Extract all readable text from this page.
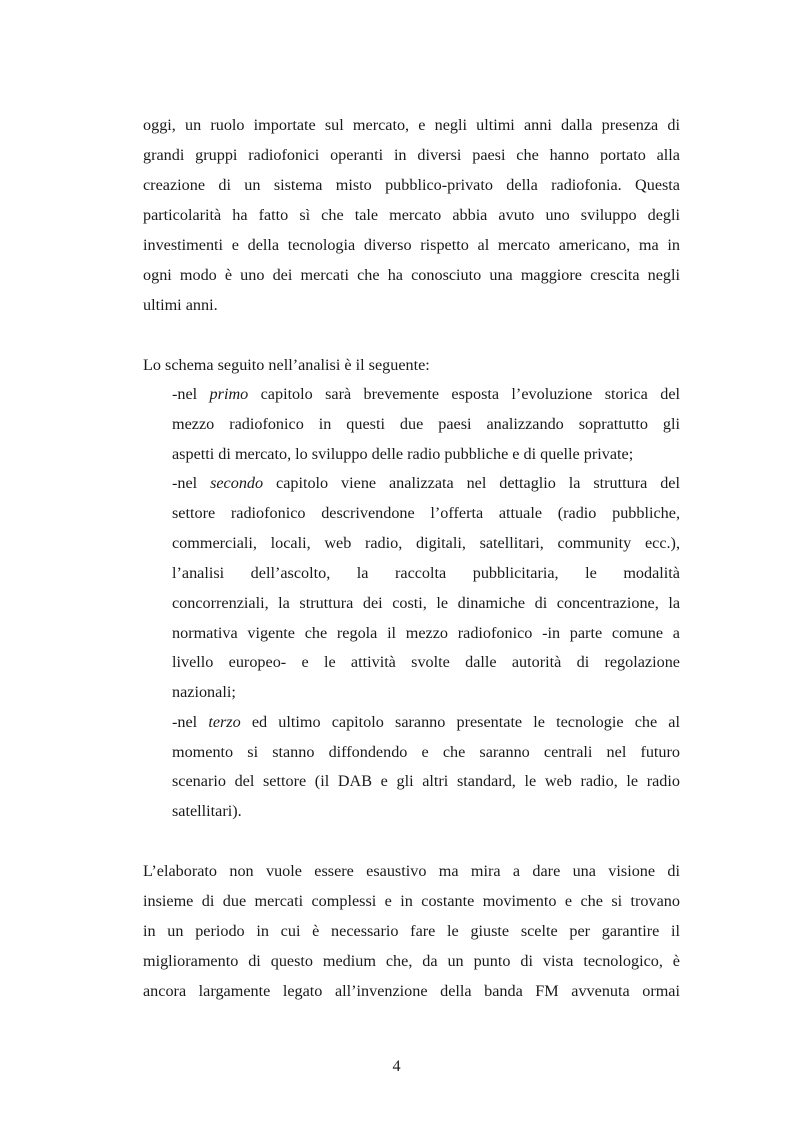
oggi, un ruolo importate sul mercato, e negli ultimi anni dalla presenza di
grandi gruppi radiofonici operanti in diversi paesi che hanno portato alla
creazione di un sistema misto pubblico-privato della radiofonia. Questa
particolarità ha fatto sì che tale mercato abbia avuto uno sviluppo degli
investimenti e della tecnologia diverso rispetto al mercato americano, ma in
ogni modo è uno dei mercati che ha conosciuto una maggiore crescita negli
ultimi anni.
Lo schema seguito nell’analisi è il seguente:
-nel primo capitolo sarà brevemente esposta l’evoluzione storica del
mezzo radiofonico in questi due paesi analizzando soprattutto gli
aspetti di mercato, lo sviluppo delle radio pubbliche e di quelle private;
-nel secondo capitolo viene analizzata nel dettaglio la struttura del
settore radiofonico descrivendone l’offerta attuale (radio pubbliche,
commerciali, locali, web radio, digitali, satellitari, community ecc.),
l’analisi dell’ascolto, la raccolta pubblicitaria, le modalità
concorrenziali, la struttura dei costi, le dinamiche di concentrazione, la
normativa vigente che regola il mezzo radiofonico -in parte comune a
livello europeo- e le attività svolte dalle autorità di regolazione
nazionali;
-nel terzo ed ultimo capitolo saranno presentate le tecnologie che al
momento si stanno diffondendo e che saranno centrali nel futuro
scenario del settore (il DAB e gli altri standard, le web radio, le radio
satellitari).
L’elaborato non vuole essere esaustivo ma mira a dare una visione di
insieme di due mercati complessi e in costante movimento e che si trovano
in un periodo in cui è necessario fare le giuste scelte per garantire il
miglioramento di questo medium che, da un punto di vista tecnologico, è
ancora largamente legato all’invenzione della banda FM avvenuta ormai
4
